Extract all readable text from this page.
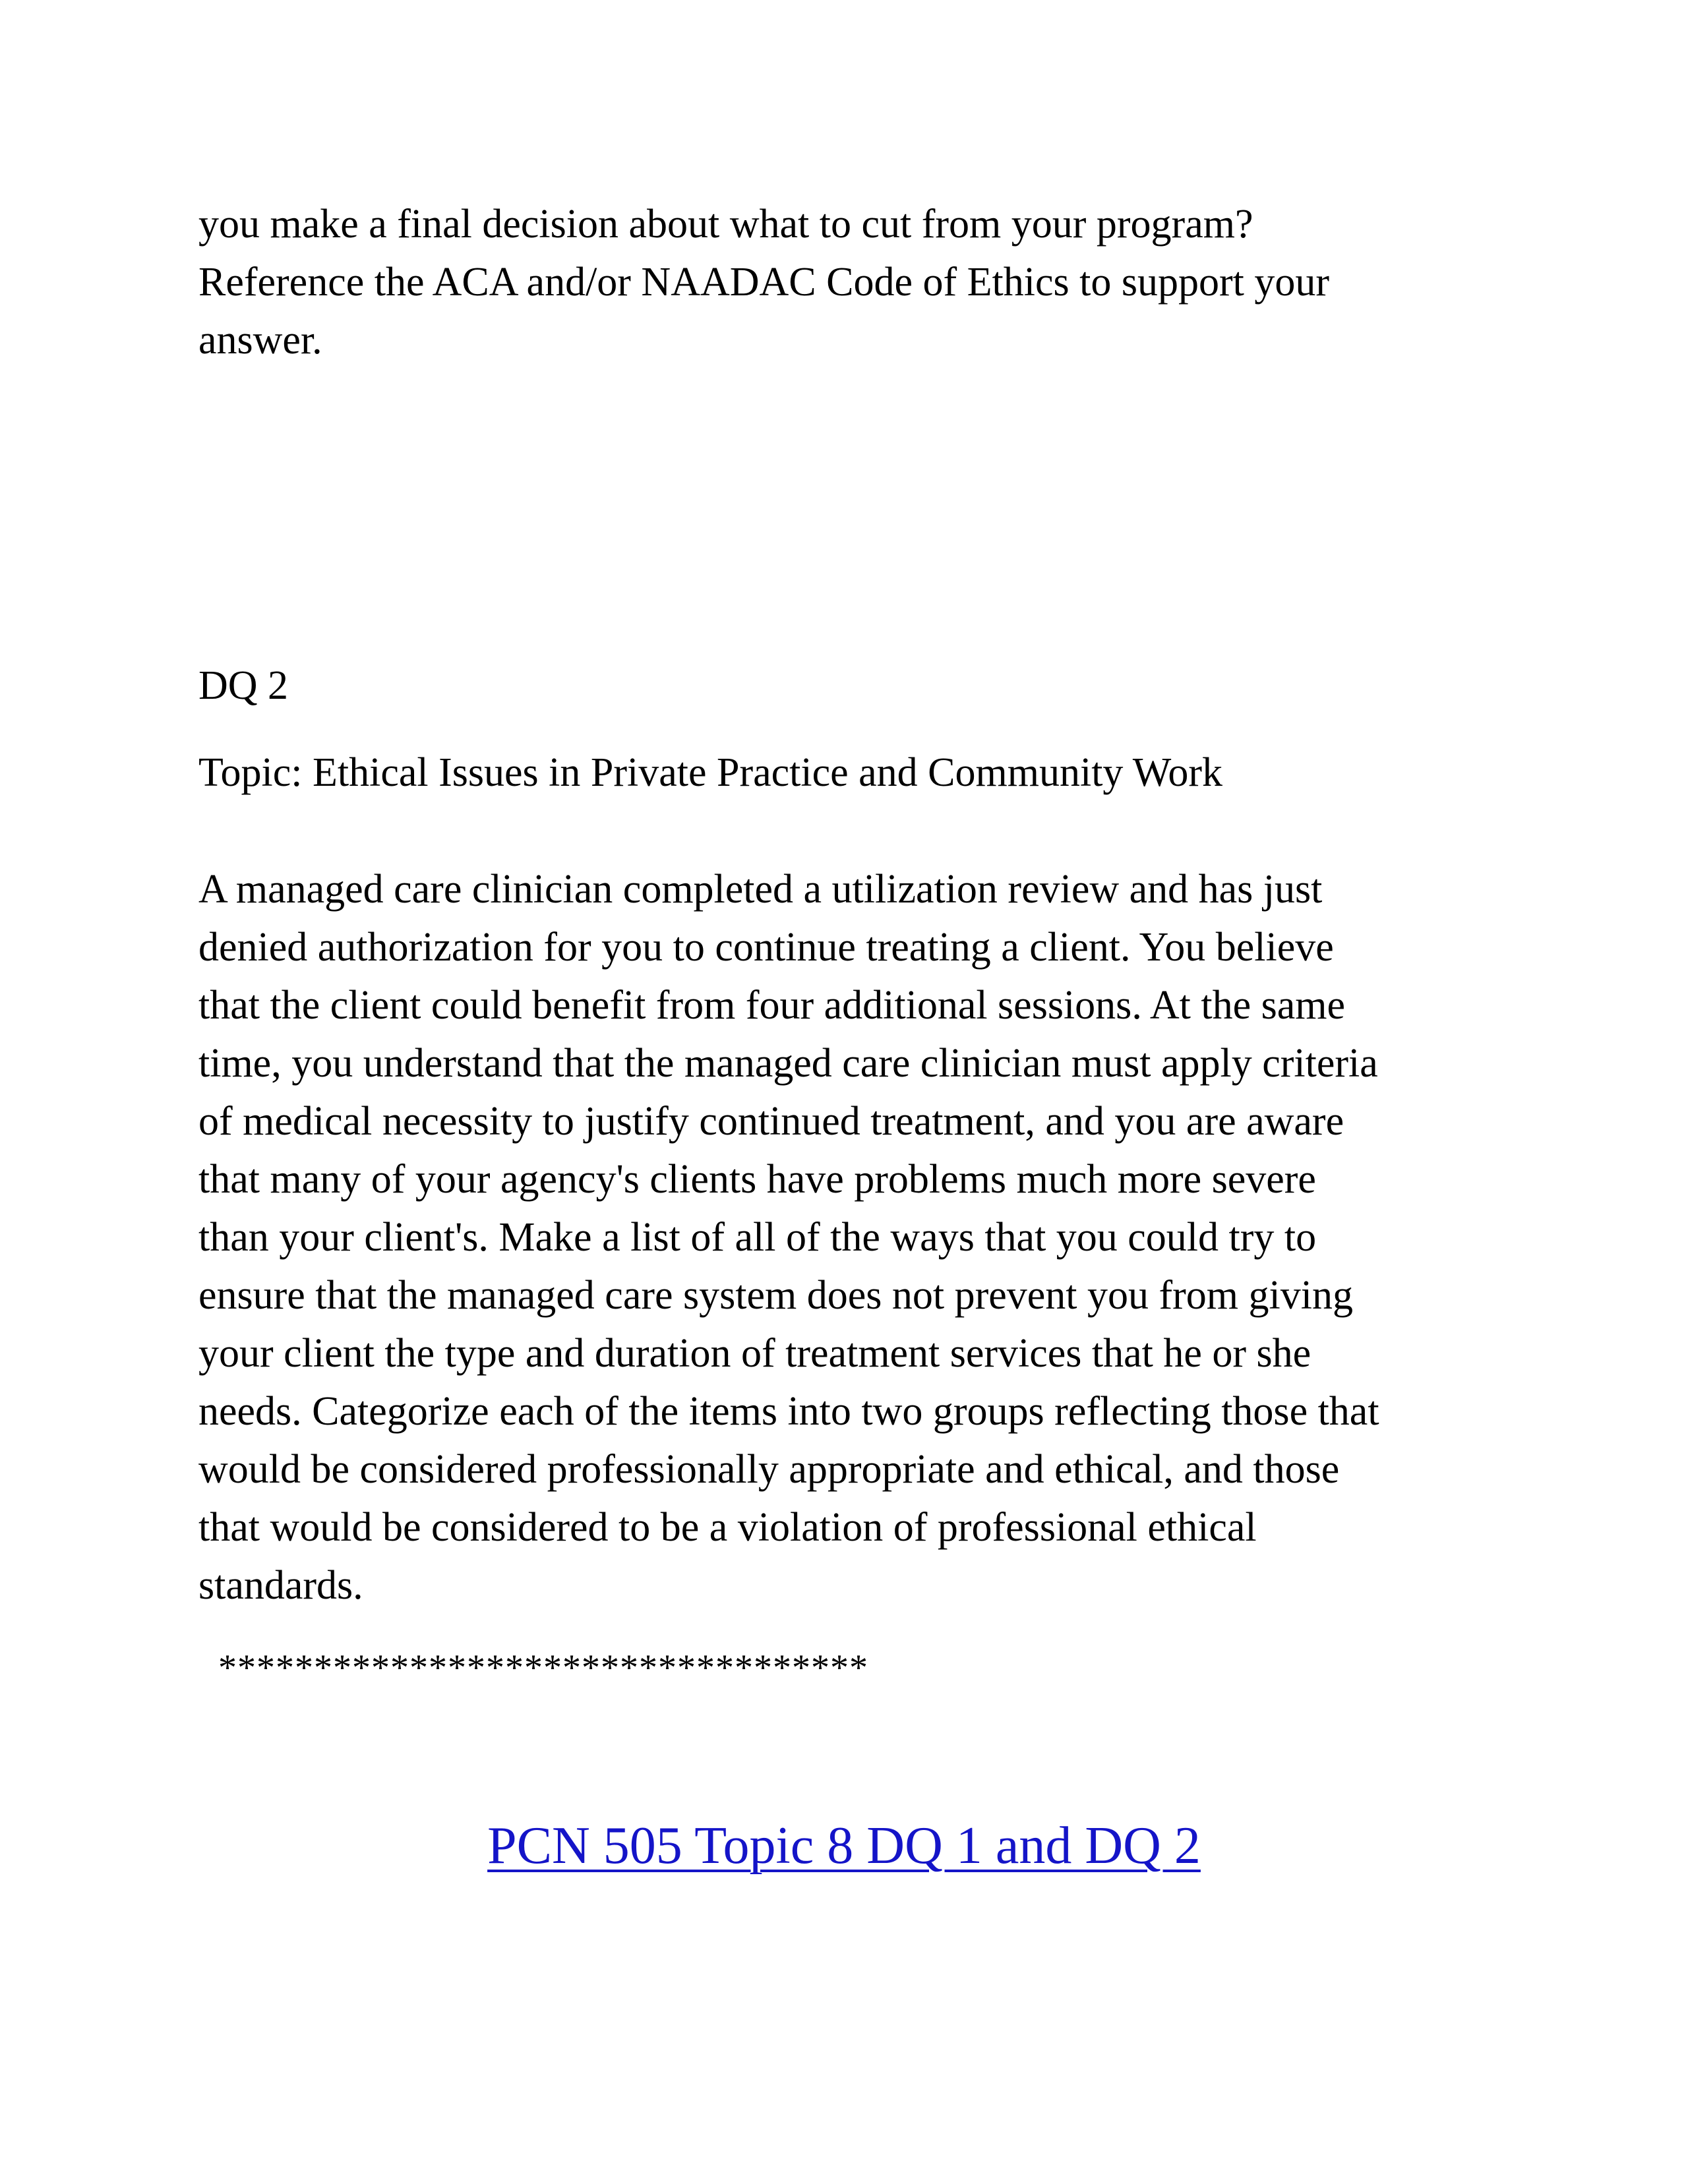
you make a final decision about what to cut from your program?
Reference the ACA and/or NAADAC Code of Ethics to support your
answer.

DQ 2

Topic: Ethical Issues in Private Practice and Community Work

A managed care clinician completed a utilization review and has just
denied authorization for you to continue treating a client. You believe
that the client could benefit from four additional sessions. At the same
time, you understand that the managed care clinician must apply criteria
of medical necessity to justify continued treatment, and you are aware
that many of your agency's clients have problems much more severe
than your client's. Make a list of all of the ways that you could try to
ensure that the managed care system does not prevent you from giving
your client the type and duration of treatment services that he or she
needs. Categorize each of the items into two groups reflecting those that
would be considered professionally appropriate and ethical, and those
that would be considered to be a violation of professional ethical
standards.

**********************************

PCN 505 Topic 8 DQ 1 and DQ 2
